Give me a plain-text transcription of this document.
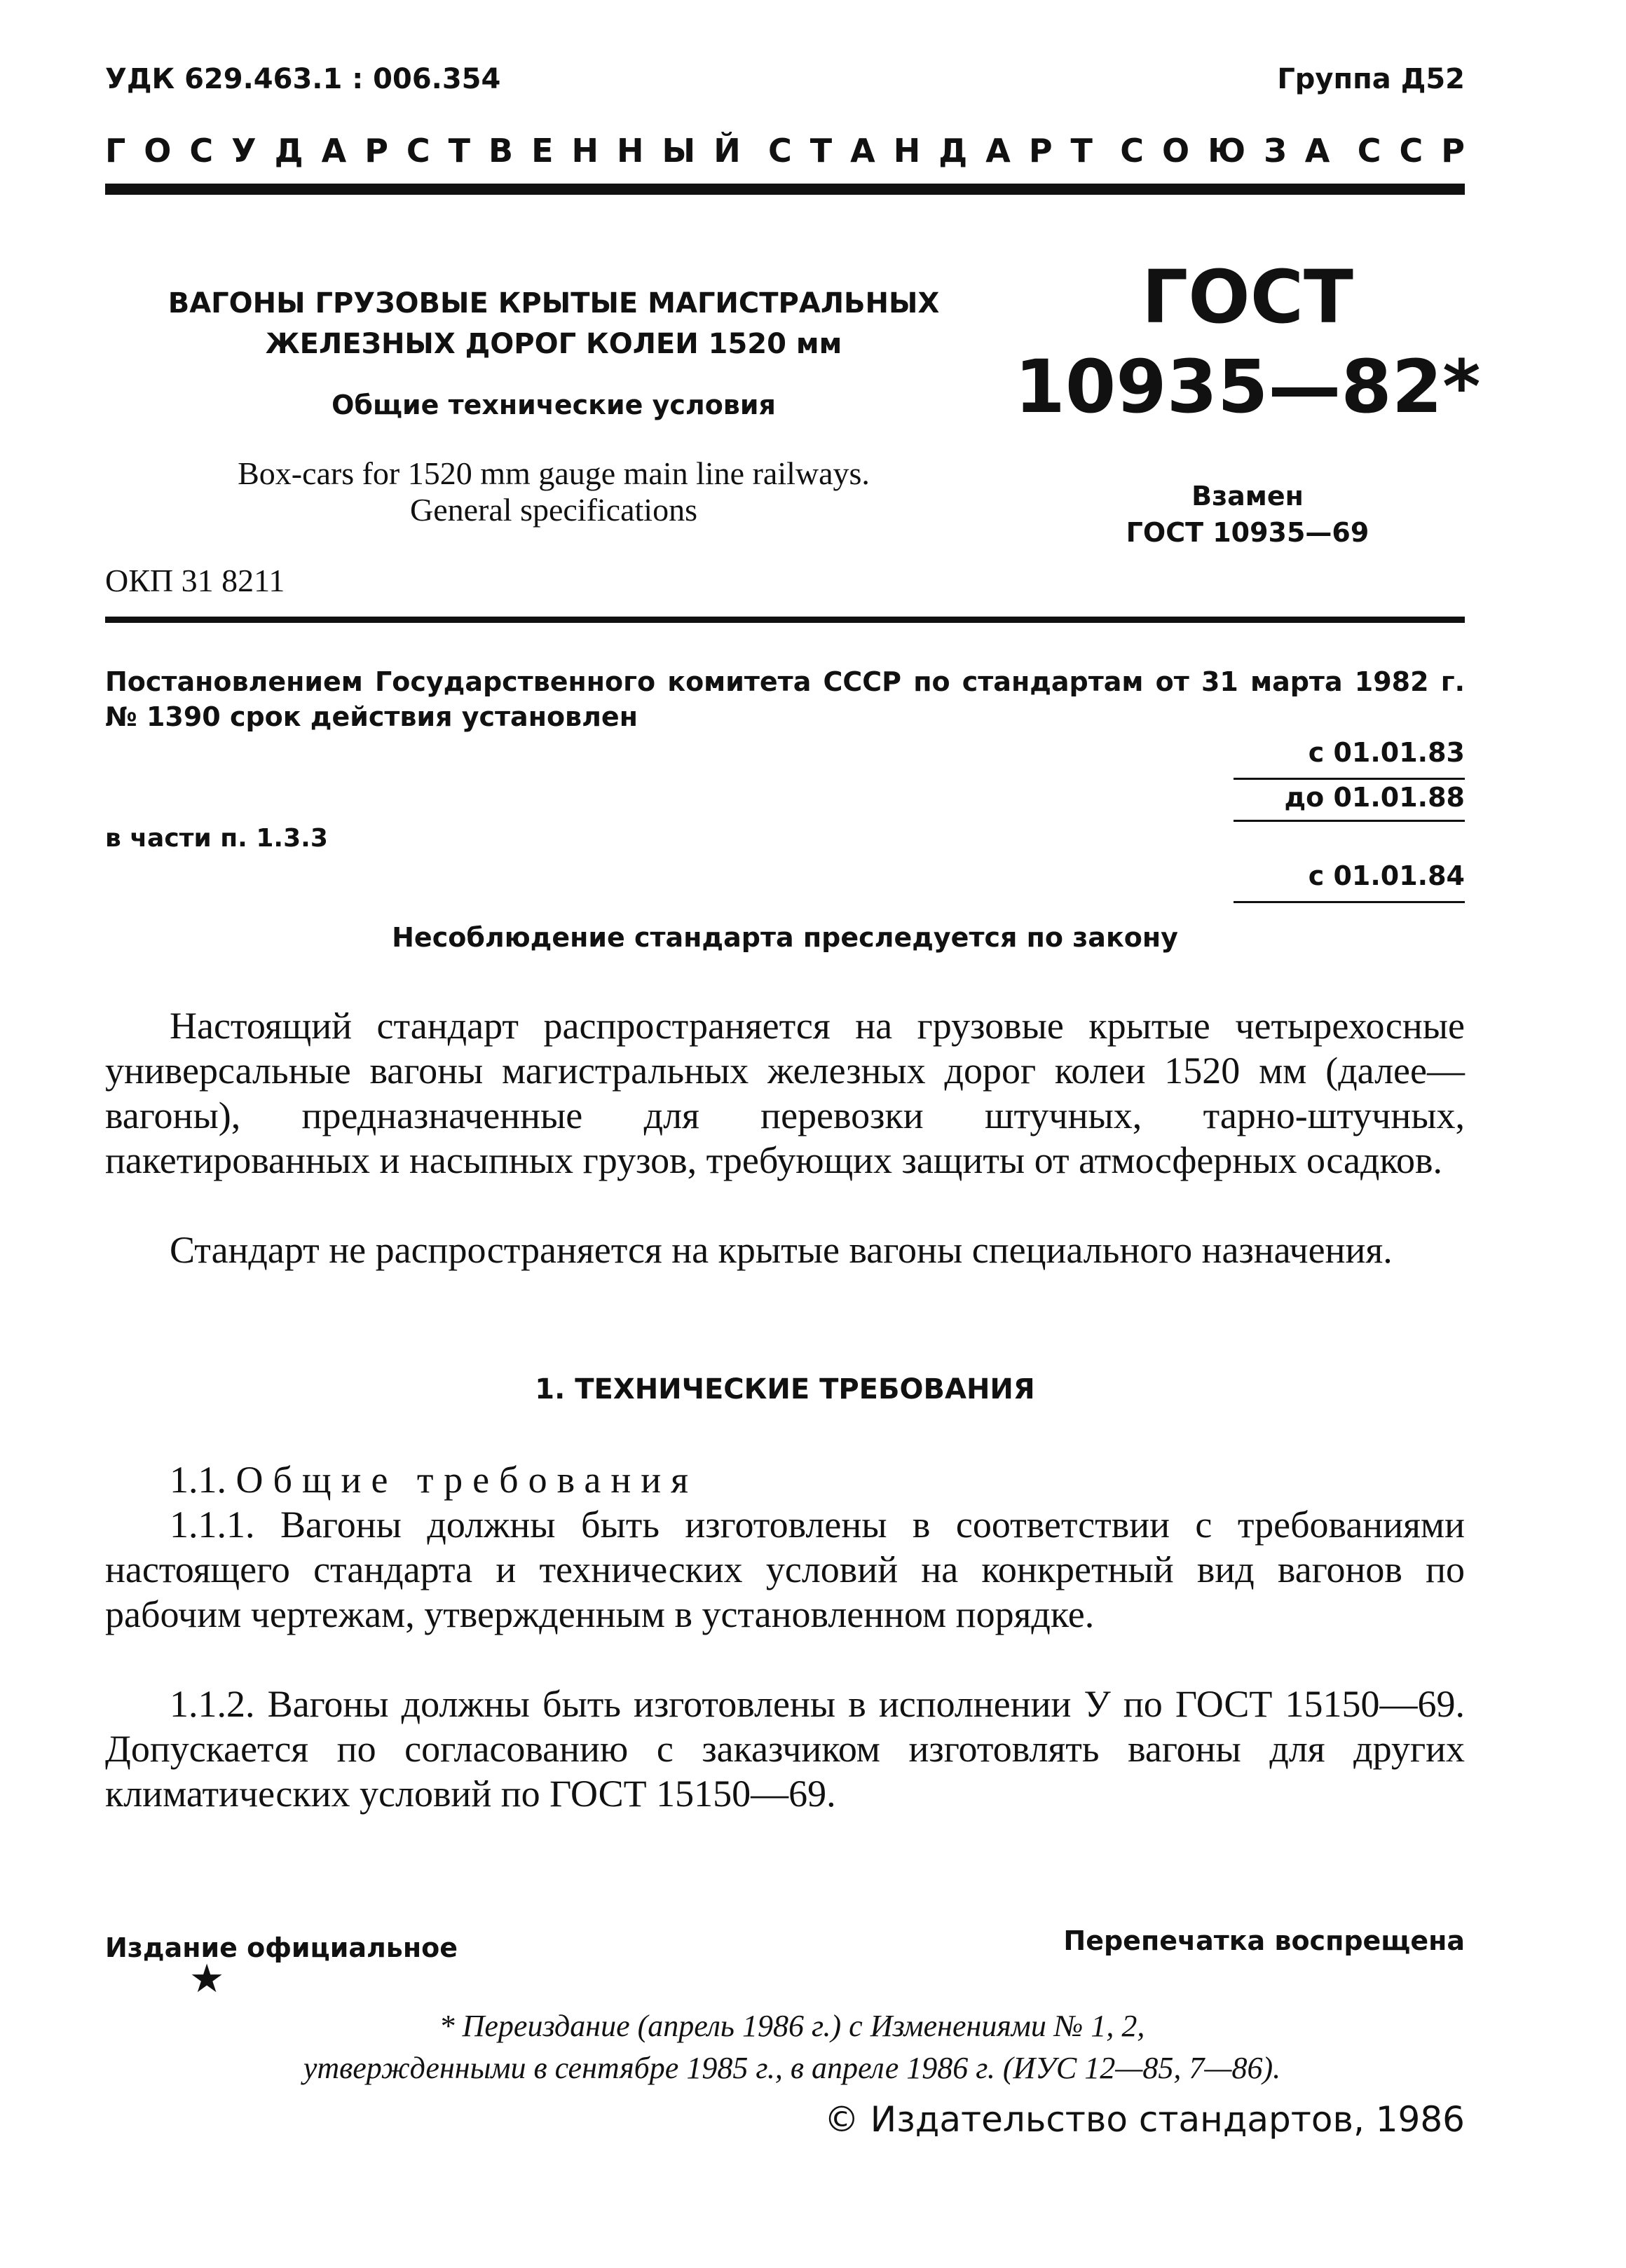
УДК 629.463.1 : 006.354	Группа Д52
ГОСУДАРСТВЕННЫЙ СТАНДАРТ СОЮЗА ССР
ВАГОНЫ ГРУЗОВЫЕ КРЫТЫЕ МАГИСТРАЛЬНЫХ
ЖЕЛЕЗНЫХ ДОРОГ КОЛЕИ 1520 мм
Общие технические условия
Box-cars for 1520 mm gauge main line railways.
General specifications
ОКП 31 8211
ГОСТ
10935—82*
Взамен
ГОСТ 10935—69
Постановлением Государственного комитета СССР по стандартам от 31 марта 1982 г. № 1390 срок действия установлен
с 01.01.83
до 01.01.88
в части п. 1.3.3
с 01.01.84
Несоблюдение стандарта преследуется по закону
Настоящий стандарт распространяется на грузовые крытые четырехосные универсальные вагоны магистральных железных дорог колеи 1520 мм (далее—вагоны), предназначенные для перевозки штучных, тарно-штучных, пакетированных и насыпных грузов, требующих защиты от атмосферных осадков.
Стандарт не распространяется на крытые вагоны специального назначения.
1. ТЕХНИЧЕСКИЕ ТРЕБОВАНИЯ
1.1. Общие требования
1.1.1. Вагоны должны быть изготовлены в соответствии с требованиями настоящего стандарта и технических условий на конкретный вид вагонов по рабочим чертежам, утвержденным в установленном порядке.
1.1.2. Вагоны должны быть изготовлены в исполнении У по ГОСТ 15150—69. Допускается по согласованию с заказчиком изготовлять вагоны для других климатических условий по ГОСТ 15150—69.
Издание официальное	Перепечатка воспрещена
★
* Переиздание (апрель 1986 г.) с Изменениями № 1, 2,
утвержденными в сентябре 1985 г., в апреле 1986 г. (ИУС 12—85, 7—86).
© Издательство стандартов, 1986
